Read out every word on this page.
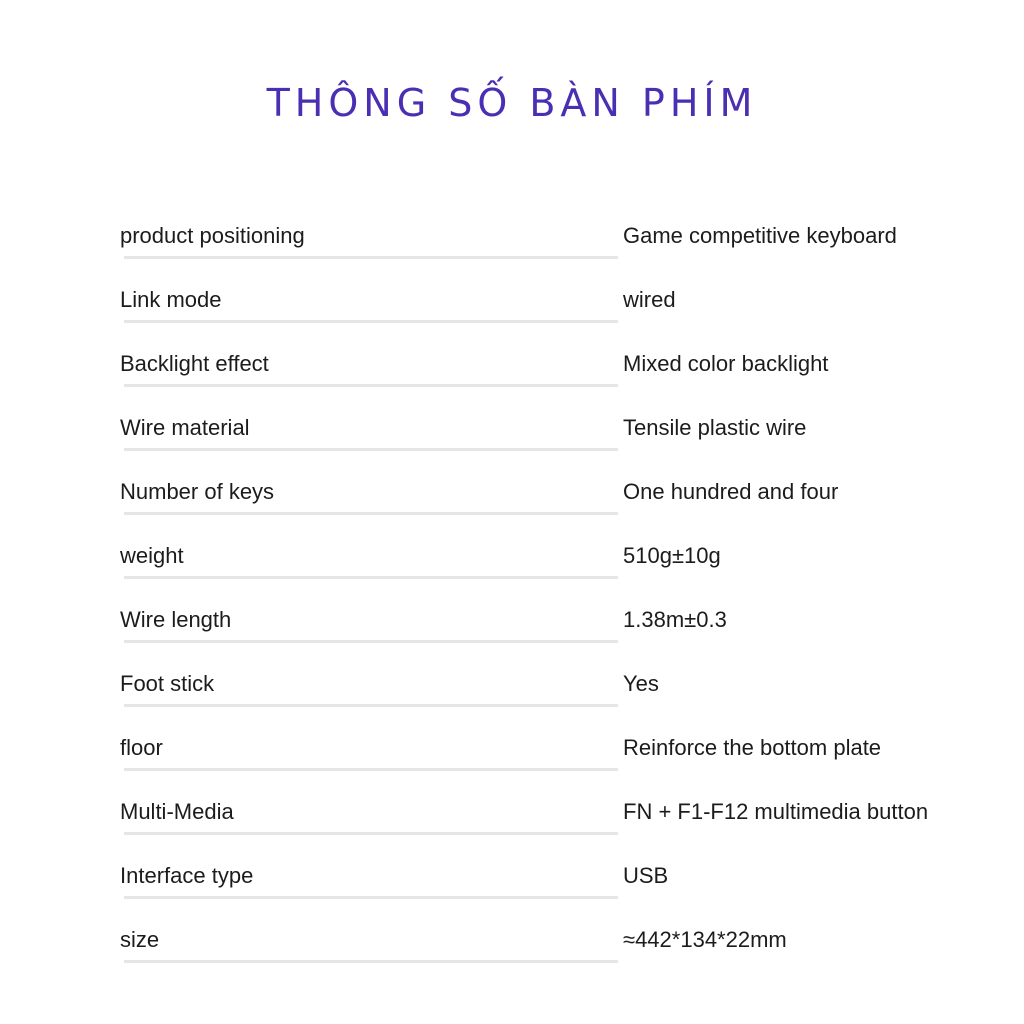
THÔNG SỐ BÀN PHÍM
product positioning	Game competitive keyboard
Link mode	wired
Backlight effect	Mixed color backlight
Wire material	Tensile plastic wire
Number of keys	One hundred and four
weight	510g±10g
Wire length	1.38m±0.3
Foot stick	Yes
floor	Reinforce the bottom plate
Multi-Media	FN + F1-F12 multimedia button
Interface type	USB
size	≈442*134*22mm
